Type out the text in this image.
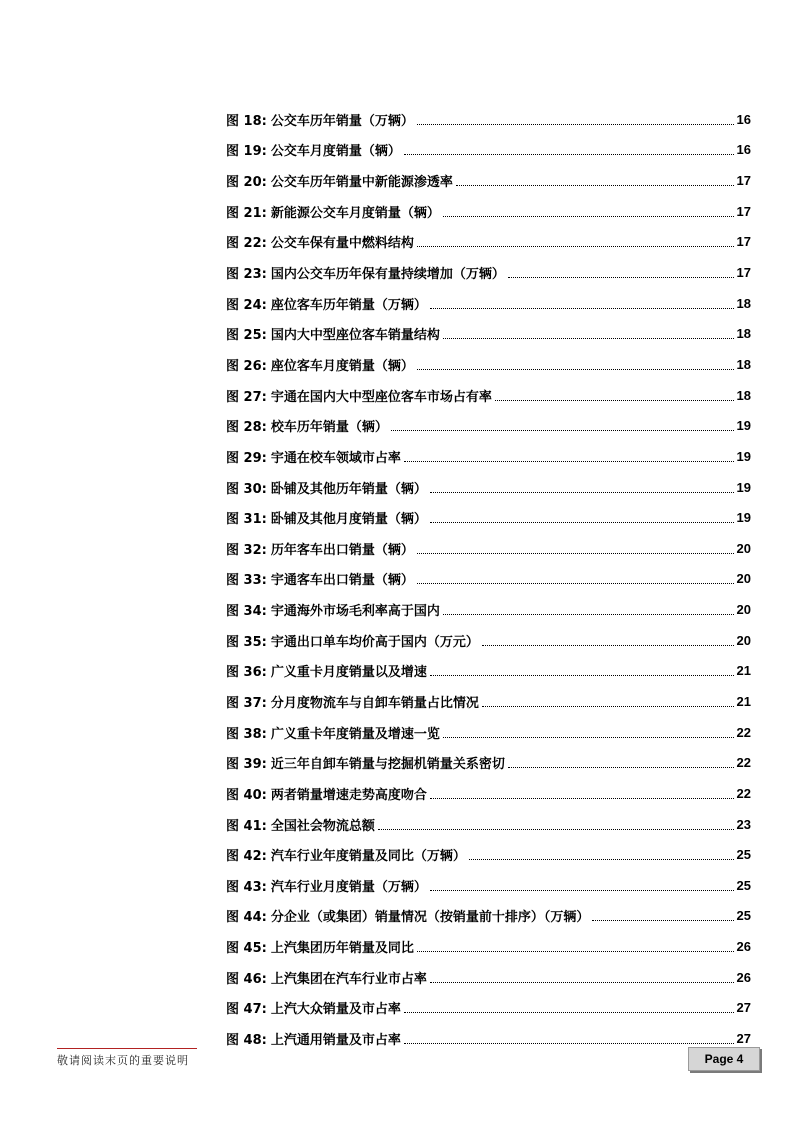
图 18: 公交车历年销量（万辆）	16
图 19: 公交车月度销量（辆）	16
图 20: 公交车历年销量中新能源渗透率	17
图 21: 新能源公交车月度销量（辆）	17
图 22: 公交车保有量中燃料结构	17
图 23: 国内公交车历年保有量持续增加（万辆）	17
图 24: 座位客车历年销量（万辆）	18
图 25: 国内大中型座位客车销量结构	18
图 26: 座位客车月度销量（辆）	18
图 27: 宇通在国内大中型座位客车市场占有率	18
图 28: 校车历年销量（辆）	19
图 29: 宇通在校车领域市占率	19
图 30: 卧铺及其他历年销量（辆）	19
图 31: 卧铺及其他月度销量（辆）	19
图 32: 历年客车出口销量（辆）	20
图 33: 宇通客车出口销量（辆）	20
图 34: 宇通海外市场毛利率高于国内	20
图 35: 宇通出口单车均价高于国内（万元）	20
图 36: 广义重卡月度销量以及增速	21
图 37: 分月度物流车与自卸车销量占比情况	21
图 38: 广义重卡年度销量及增速一览	22
图 39: 近三年自卸车销量与挖掘机销量关系密切	22
图 40: 两者销量增速走势高度吻合	22
图 41: 全国社会物流总额	23
图 42: 汽车行业年度销量及同比（万辆）	25
图 43: 汽车行业月度销量（万辆）	25
图 44: 分企业（或集团）销量情况（按销量前十排序）（万辆）	25
图 45: 上汽集团历年销量及同比	26
图 46: 上汽集团在汽车行业市占率	26
图 47: 上汽大众销量及市占率	27
图 48: 上汽通用销量及市占率	27
敬请阅读末页的重要说明	Page 4
